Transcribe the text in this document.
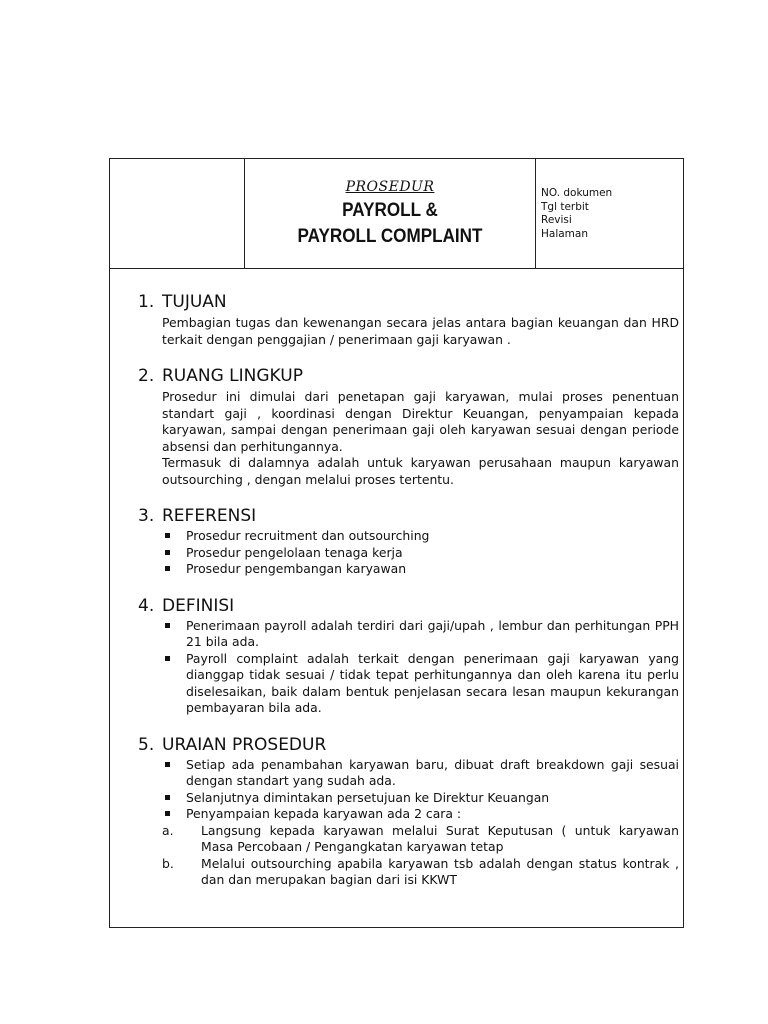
PROSEDUR
PAYROLL &
PAYROLL COMPLAINT
NO. dokumen
Tgl terbit
Revisi
Halaman
1. TUJUAN
Pembagian tugas dan kewenangan secara jelas antara bagian keuangan dan HRD terkait dengan penggajian / penerimaan gaji karyawan .
2. RUANG LINGKUP
Prosedur ini dimulai dari penetapan gaji karyawan, mulai proses penentuan standart gaji , koordinasi dengan Direktur Keuangan, penyampaian kepada karyawan, sampai dengan penerimaan gaji oleh karyawan sesuai dengan periode absensi dan perhitungannya.
Termasuk di dalamnya adalah untuk karyawan perusahaan maupun karyawan outsourching , dengan melalui proses tertentu.
3. REFERENSI
Prosedur recruitment dan outsourching
Prosedur pengelolaan tenaga kerja
Prosedur pengembangan karyawan
4. DEFINISI
Penerimaan payroll adalah terdiri dari gaji/upah , lembur dan perhitungan PPH 21 bila ada.
Payroll complaint adalah terkait dengan penerimaan gaji karyawan yang dianggap tidak sesuai / tidak tepat perhitungannya dan oleh karena itu perlu diselesaikan, baik dalam bentuk penjelasan secara lesan maupun kekurangan pembayaran bila ada.
5. URAIAN PROSEDUR
Setiap ada penambahan karyawan baru, dibuat draft breakdown gaji sesuai dengan standart yang sudah ada.
Selanjutnya dimintakan persetujuan ke Direktur Keuangan
Penyampaian kepada karyawan ada 2 cara :
a. Langsung kepada karyawan melalui Surat Keputusan ( untuk karyawan Masa Percobaan / Pengangkatan karyawan tetap
b. Melalui outsourching apabila karyawan tsb adalah dengan status kontrak , dan dan merupakan bagian dari isi KKWT
